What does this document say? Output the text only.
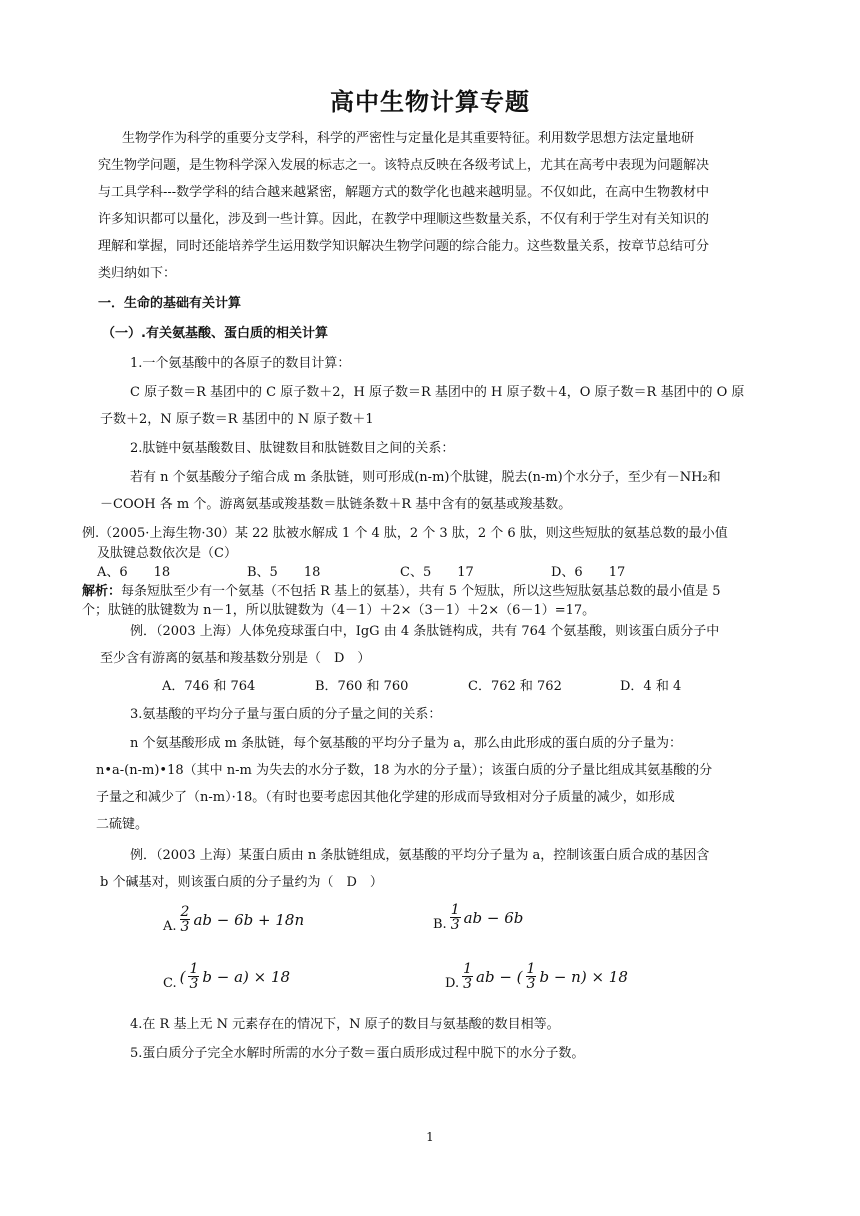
高中生物计算专题
生物学作为科学的重要分支学科，科学的严密性与定量化是其重要特征。利用数学思想方法定量地研
究生物学问题，是生物科学深入发展的标志之一。该特点反映在各级考试上，尤其在高考中表现为问题解决
与工具学科---数学学科的结合越来越紧密，解题方式的数学化也越来越明显。不仅如此，在高中生物教材中
许多知识都可以量化，涉及到一些计算。因此，在教学中理顺这些数量关系，不仅有利于学生对有关知识的
理解和掌握，同时还能培养学生运用数学知识解决生物学问题的综合能力。这些数量关系，按章节总结可分
类归纳如下：
一．生命的基础有关计算
（一）.有关氨基酸、蛋白质的相关计算
1.一个氨基酸中的各原子的数目计算：
C 原子数＝R 基团中的 C 原子数＋2，H 原子数＝R 基团中的 H 原子数＋4，O 原子数＝R 基团中的 O 原
子数＋2，N 原子数＝R 基团中的 N 原子数＋1
2.肽链中氨基酸数目、肽键数目和肽链数目之间的关系：
若有 n 个氨基酸分子缩合成 m 条肽链，则可形成(n-m)个肽键，脱去(n-m)个水分子，至少有－NH₂和
－COOH 各 m 个。游离氨基或羧基数＝肽链条数＋R 基中含有的氨基或羧基数。
例.（2005·上海生物·30）某 22 肽被水解成 1 个 4 肽，2 个 3 肽，2 个 6 肽，则这些短肽的氨基总数的最小值
及肽键总数依次是（C）
A、6　　18	B、5　　18	C、5　　17	D、6　　17
解析：每条短肽至少有一个氨基（不包括 R 基上的氨基），共有 5 个短肽，所以这些短肽氨基总数的最小值是 5
个；肽链的肽键数为 n－1，所以肽键数为（4－1）＋2×（3－1）＋2×（6－1）=17。
例．（2003 上海）人体免疫球蛋白中，IgG 由 4 条肽链构成，共有 764 个氨基酸，则该蛋白质分子中
至少含有游离的氨基和羧基数分别是（　D　）
A．746 和 764	B．760 和 760	C．762 和 762	D．4 和 4
3.氨基酸的平均分子量与蛋白质的分子量之间的关系：
n 个氨基酸形成 m 条肽链，每个氨基酸的平均分子量为 a，那么由此形成的蛋白质的分子量为：
n•a-(n-m)•18（其中 n-m 为失去的水分子数，18 为水的分子量）；该蛋白质的分子量比组成其氨基酸的分
子量之和减少了（n-m）·18。（有时也要考虑因其他化学建的形成而导致相对分子质量的减少，如形成
二硫键。
例．（2003 上海）某蛋白质由 n 条肽链组成，氨基酸的平均分子量为 a，控制该蛋白质合成的基因含
b 个碱基对，则该蛋白质的分子量约为（　D　）
A. $\frac{2}{3}$ ab − 6b + 18n	B. $\frac{1}{3}$ ab − 6b
C. ( $\frac{1}{3}$ b − a) × 18	D. $\frac{1}{3}$ ab − ( $\frac{1}{3}$ b − n) × 18
4.在 R 基上无 N 元素存在的情况下，N 原子的数目与氨基酸的数目相等。
5.蛋白质分子完全水解时所需的水分子数＝蛋白质形成过程中脱下的水分子数。
1
